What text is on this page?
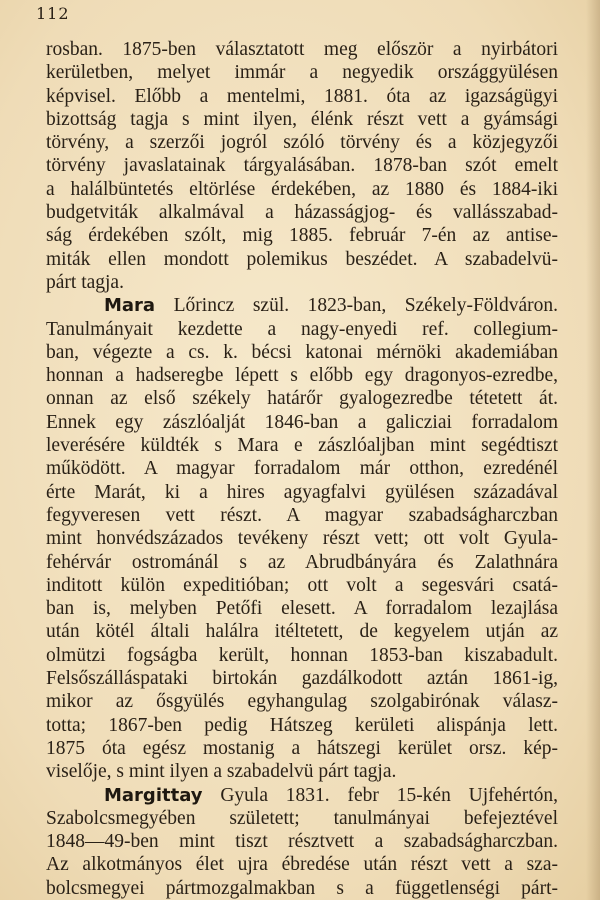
112
rosban. 1875-ben választatott meg először a nyirbátori
kerületben, melyet immár a negyedik országgyülésen
képvisel. Előbb a mentelmi, 1881. óta az igazságügyi
bizottság tagja s mint ilyen, élénk részt vett a gyámsági
törvény, a szerzői jogról szóló törvény és a közjegyzői
törvény javaslatainak tárgyalásában. 1878-ban szót emelt
a halálbüntetés eltörlése érdekében, az 1880 és 1884-iki
budgetviták alkalmával a házasságjog- és vallásszabad-
ság érdekében szólt, mig 1885. február 7-én az antise-
miták ellen mondott polemikus beszédet. A szabadelvü-
párt tagja.
Mara Lőrincz szül. 1823-ban, Székely-Földváron.
Tanulmányait kezdette a nagy-enyedi ref. collegium-
ban, végezte a cs. k. bécsi katonai mérnöki akademiában
honnan a hadseregbe lépett s előbb egy dragonyos-ezredbe,
onnan az első székely határőr gyalogezredbe tétetett át.
Ennek egy zászlóalját 1846-ban a galicziai forradalom
leverésére küldték s Mara e zászlóaljban mint segédtiszt
működött. A magyar forradalom már otthon, ezredénél
érte Marát, ki a hires agyagfalvi gyülésen századával
fegyveresen vett részt. A magyar szabadságharczban
mint honvédszázados tevékeny részt vett; ott volt Gyula-
fehérvár ostrománál s az Abrudbányára és Zalathnára
inditott külön expeditióban; ott volt a segesvári csatá-
ban is, melyben Petőfi elesett. A forradalom lezajlása
után kötél általi halálra itéltetett, de kegyelem utján az
olmützi fogságba került, honnan 1853-ban kiszabadult.
Felsőszálláspataki birtokán gazdálkodott aztán 1861-ig,
mikor az ősgyülés egyhangulag szolgabirónak válasz-
totta; 1867-ben pedig Hátszeg kerületi alispánja lett.
1875 óta egész mostanig a hátszegi kerület orsz. kép-
viselője, s mint ilyen a szabadelvü párt tagja.
Margittay Gyula 1831. febr 15-kén Ujfehértón,
Szabolcsmegyében született; tanulmányai befejeztével
1848—49-ben mint tiszt résztvett a szabadságharczban.
Az alkotmányos élet ujra ébredése után részt vett a sza-
bolcsmegyei pártmozgalmakban s a függetlenségi párt-
